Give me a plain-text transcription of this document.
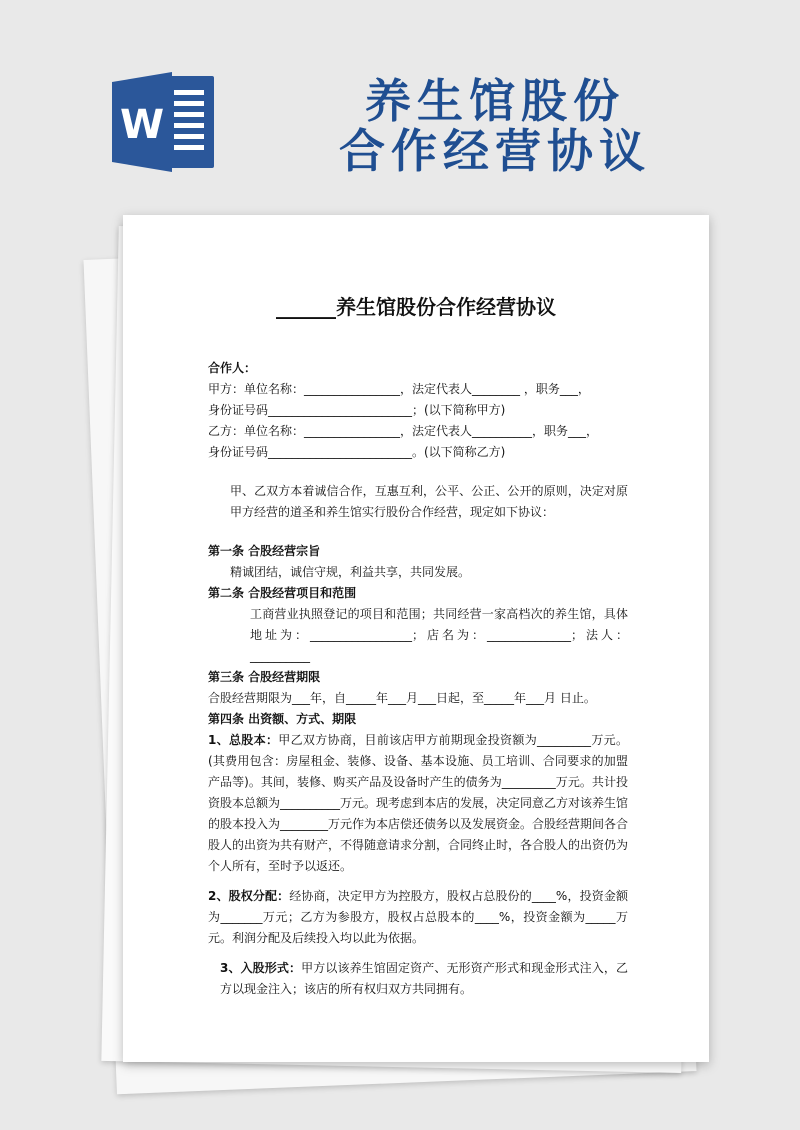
W	养生馆股份
合作经营协议
______养生馆股份合作经营协议

合作人：

甲方：单位名称：________________，法定代表人________ ，职务___，

身份证号码________________________；(以下简称甲方)

乙方：单位名称：________________，法定代表人__________，职务___，

身份证号码________________________。(以下简称乙方)

甲、乙双方本着诚信合作，互惠互利，公平、公正、公开的原则，决定对原甲方经营的道圣和养生馆实行股份合作经营，现定如下协议：

第一条 合股经营宗旨

精诚团结，诚信守规，利益共享，共同发展。

第二条 合股经营项目和范围

工商营业执照登记的项目和范围；共同经营一家高档次的养生馆，具体地址为：_________________；店名为：______________；法人：__________

第三条 合股经营期限

合股经营期限为___年，自_____年___月___日起，至_____年___月 日止。

第四条 出资额、方式、期限

1、总股本：甲乙双方协商，目前该店甲方前期现金投资额为_________万元。(其费用包含：房屋租金、装修、设备、基本设施、员工培训、合同要求的加盟产品等)。其间，装修、购买产品及设备时产生的债务为_________万元。共计投资股本总额为__________万元。现考虑到本店的发展，决定同意乙方对该养生馆的股本投入为________万元作为本店偿还债务以及发展资金。合股经营期间各合股人的出资为共有财产，不得随意请求分割，合同终止时，各合股人的出资仍为个人所有，至时予以返还。

2、股权分配：经协商，决定甲方为控股方，股权占总股份的____%，投资金额为_______万元；乙方为参股方，股权占总股本的____%，投资金额为_____万元。利润分配及后续投入均以此为依据。

3、入股形式：甲方以该养生馆固定资产、无形资产形式和现金形式注入，乙方以现金注入；该店的所有权归双方共同拥有。
